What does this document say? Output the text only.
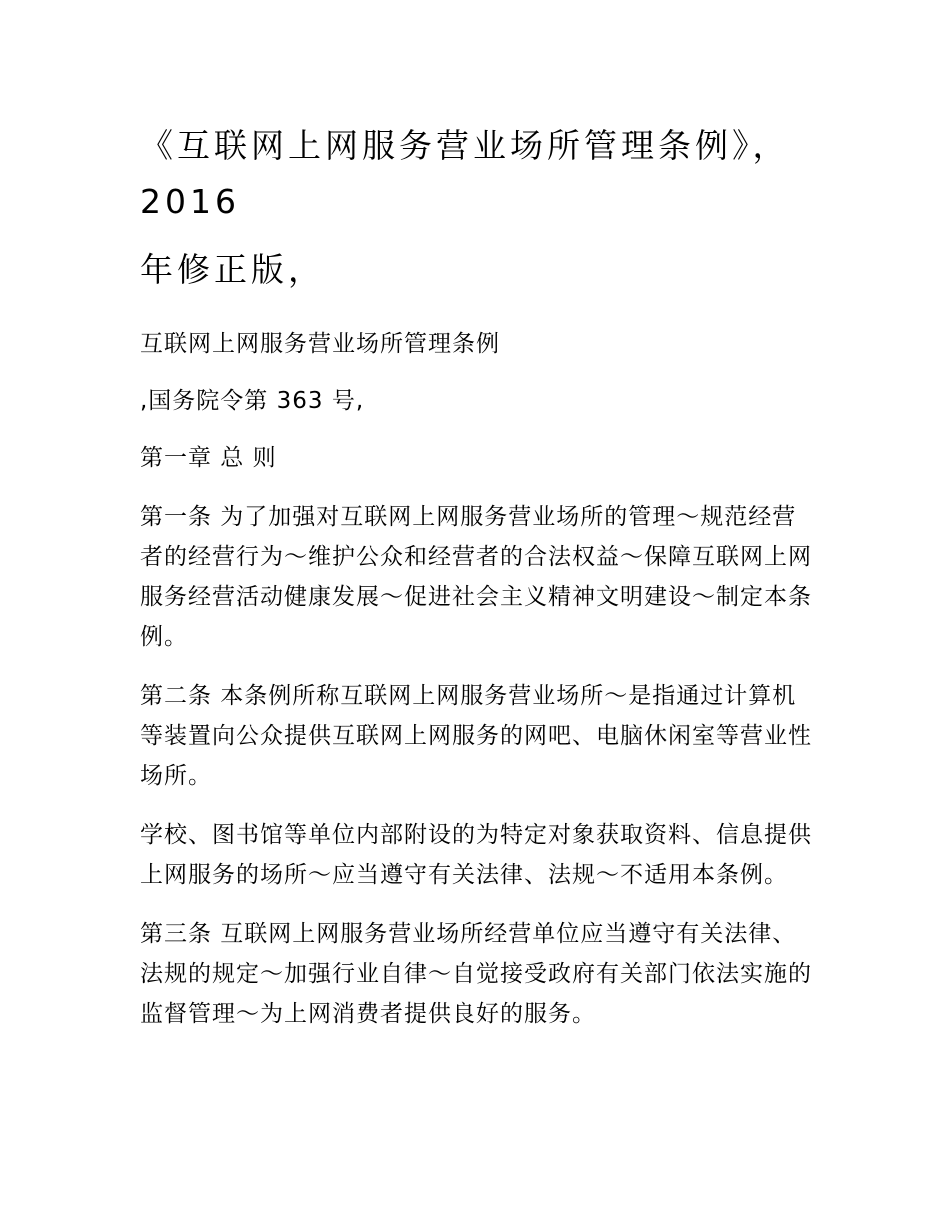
《互联网上网服务营业场所管理条例》，
2016
年修正版，

互联网上网服务营业场所管理条例

,国务院令第 363 号,

第一章 总 则

第一条 为了加强对互联网上网服务营业场所的管理～规范经营者的经营行为～维护公众和经营者的合法权益～保障互联网上网服务经营活动健康发展～促进社会主义精神文明建设～制定本条例。

第二条 本条例所称互联网上网服务营业场所～是指通过计算机等装置向公众提供互联网上网服务的网吧、电脑休闲室等营业性场所。

学校、图书馆等单位内部附设的为特定对象获取资料、信息提供上网服务的场所～应当遵守有关法律、法规～不适用本条例。

第三条 互联网上网服务营业场所经营单位应当遵守有关法律、法规的规定～加强行业自律～自觉接受政府有关部门依法实施的监督管理～为上网消费者提供良好的服务。
